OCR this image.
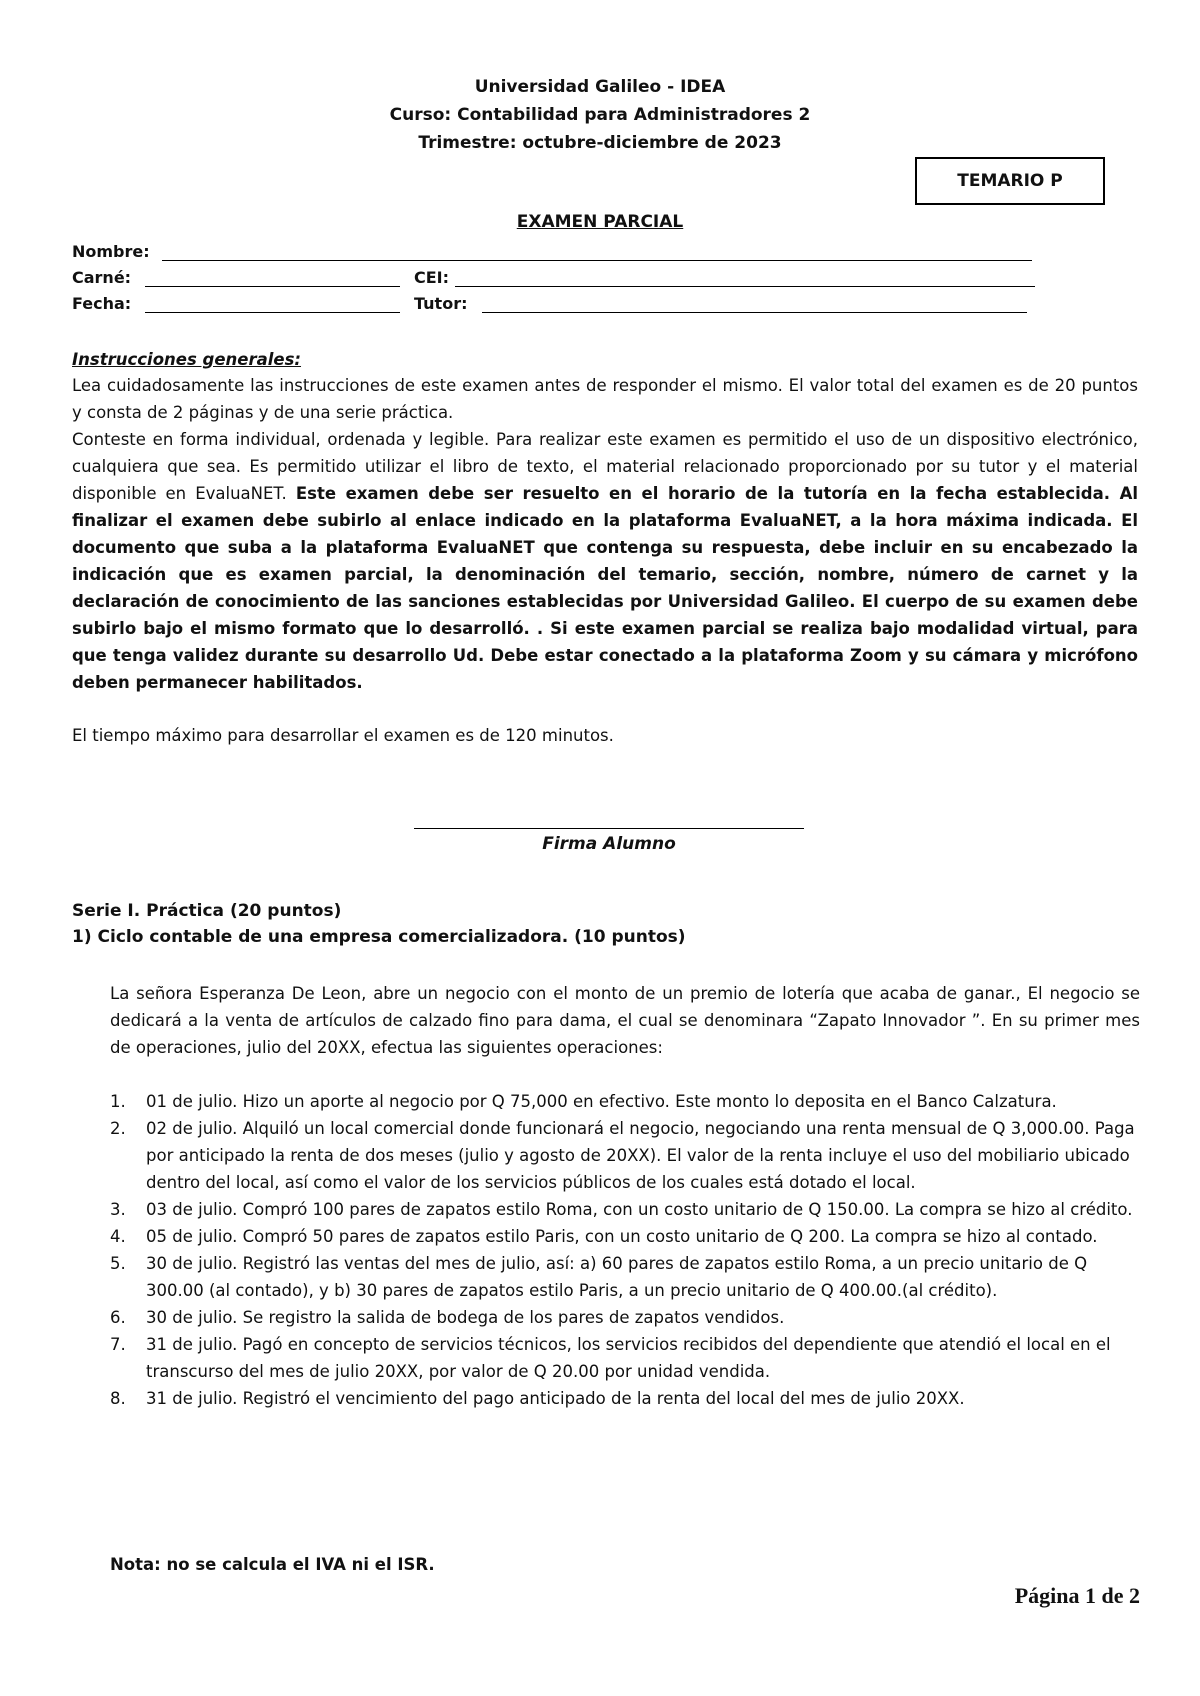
Universidad Galileo - IDEA
Curso: Contabilidad para Administradores 2
Trimestre: octubre-diciembre de 2023
TEMARIO P
EXAMEN PARCIAL
Nombre:
Carné:	CEI:
Fecha:	Tutor:
Instrucciones generales:
Lea cuidadosamente las instrucciones de este examen antes de responder el mismo. El valor total del examen es de 20 puntos y consta de 2 páginas y de una serie práctica.
Conteste en forma individual, ordenada y legible. Para realizar este examen es permitido el uso de un dispositivo electrónico, cualquiera que sea. Es permitido utilizar el libro de texto, el material relacionado proporcionado por su tutor y el material disponible en EvaluaNET. Este examen debe ser resuelto en el horario de la tutoría en la fecha establecida. Al finalizar el examen debe subirlo al enlace indicado en la plataforma EvaluaNET, a la hora máxima indicada. El documento que suba a la plataforma EvaluaNET que contenga su respuesta, debe incluir en su encabezado la indicación que es examen parcial, la denominación del temario, sección, nombre, número de carnet y la declaración de conocimiento de las sanciones establecidas por Universidad Galileo. El cuerpo de su examen debe subirlo bajo el mismo formato que lo desarrolló. . Si este examen parcial se realiza bajo modalidad virtual, para que tenga validez durante su desarrollo Ud. Debe estar conectado a la plataforma Zoom y su cámara y micrófono deben permanecer habilitados.
El tiempo máximo para desarrollar el examen es de 120 minutos.
Firma Alumno
Serie I. Práctica (20 puntos)
1) Ciclo contable de una empresa comercializadora. (10 puntos)
La señora Esperanza De Leon, abre un negocio con el monto de un premio de lotería que acaba de ganar., El negocio se dedicará a la venta de artículos de calzado fino para dama, el cual se denominara “Zapato Innovador ”. En su primer mes de operaciones, julio del 20XX, efectua las siguientes operaciones:
1. 01 de julio. Hizo un aporte al negocio por Q 75,000 en efectivo. Este monto lo deposita en el Banco Calzatura.
2. 02 de julio. Alquiló un local comercial donde funcionará el negocio, negociando una renta mensual de Q 3,000.00. Paga por anticipado la renta de dos meses (julio y agosto de 20XX). El valor de la renta incluye el uso del mobiliario ubicado dentro del local, así como el valor de los servicios públicos de los cuales está dotado el local.
3. 03 de julio. Compró 100 pares de zapatos estilo Roma, con un costo unitario de Q 150.00. La compra se hizo al crédito.
4. 05 de julio. Compró 50 pares de zapatos estilo Paris, con un costo unitario de Q 200. La compra se hizo al contado.
5. 30 de julio. Registró las ventas del mes de julio, así: a) 60 pares de zapatos estilo Roma, a un precio unitario de Q 300.00 (al contado), y b) 30 pares de zapatos estilo Paris, a un precio unitario de Q 400.00.(al crédito).
6. 30 de julio. Se registro la salida de bodega de los pares de zapatos vendidos.
7. 31 de julio. Pagó en concepto de servicios técnicos, los servicios recibidos del dependiente que atendió el local en el transcurso del mes de julio 20XX, por valor de Q 20.00 por unidad vendida.
8. 31 de julio. Registró el vencimiento del pago anticipado de la renta del local del mes de julio 20XX.
Nota: no se calcula el IVA ni el ISR.
Página 1 de 2
